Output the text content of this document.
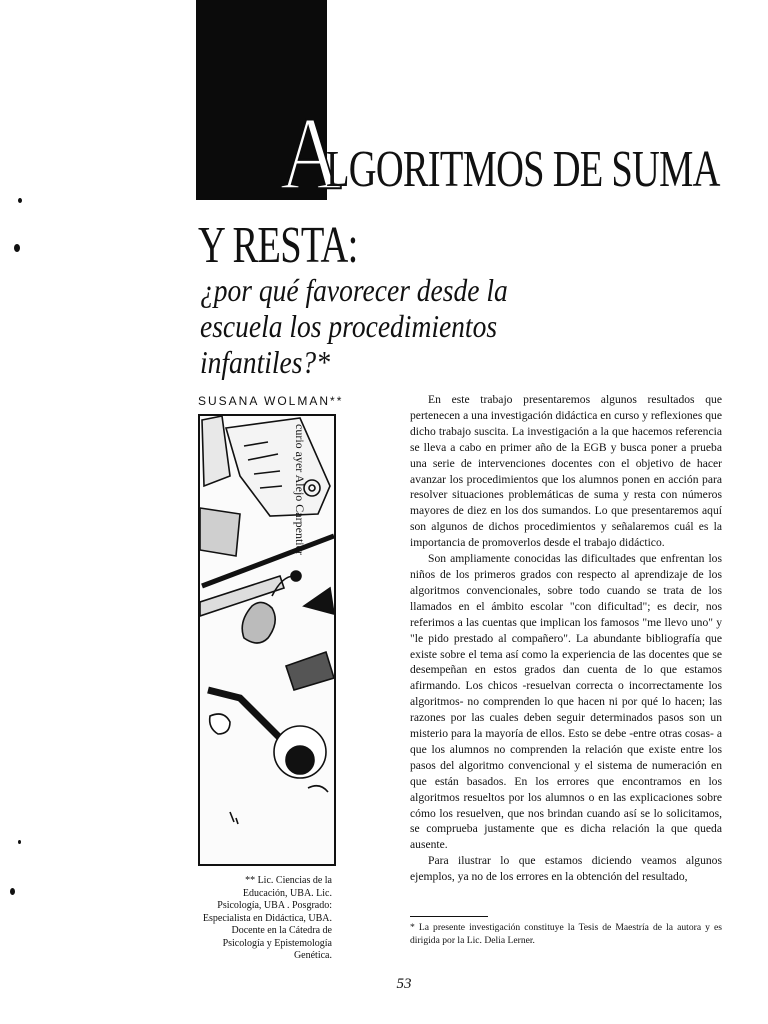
A
LGORITMOS DE SUMA
Y RESTA:
¿por qué favorecer desde la escuela los procedimientos infantiles?*
SUSANA WOLMAN**
curio ayer Alejo Carpentier
** Lic. Ciencias de la Educación, UBA. Lic. Psicología, UBA . Posgrado: Especialista en Didáctica, UBA. Docente en la Cátedra de Psicología y Epistemología Genética.

En este trabajo presentaremos algunos resultados que pertenecen a una investigación didáctica en curso y reflexiones que dicho trabajo suscita. La investigación a la que hacemos referencia se lleva a cabo en primer año de la EGB y busca poner a prueba una serie de intervenciones docentes con el objetivo de hacer avanzar los procedimientos que los alumnos ponen en acción para resolver situaciones problemáticas de suma y resta con números mayores de diez en los dos sumandos. Lo que presentaremos aquí son algunos de dichos procedimientos y señalaremos cuál es la importancia de promoverlos desde el trabajo didáctico.

Son ampliamente conocidas las dificultades que enfrentan los niños de los primeros grados con respecto al aprendizaje de los algoritmos convencionales, sobre todo cuando se trata de los llamados en el ámbito escolar "con dificultad"; es decir, nos referimos a las cuentas que implican los famosos "me llevo uno" y "le pido prestado al compañero". La abundante bibliografía que existe sobre el tema así como la experiencia de las docentes que se desempeñan en estos grados dan cuenta de lo que estamos afirmando. Los chicos -resuelvan correcta o incorrectamente los algoritmos- no comprenden lo que hacen ni por qué lo hacen; las razones por las cuales deben seguir determinados pasos son un misterio para la mayoría de ellos. Esto se debe -entre otras cosas- a que los alumnos no comprenden la relación que existe entre los pasos del algoritmo convencional y el sistema de numeración en que están basados. En los errores que encontramos en los algoritmos resueltos por los alumnos o en las explicaciones sobre cómo los resuelven, que nos brindan cuando así se lo solicitamos, se comprueba justamente que es dicha relación la que queda ausente.

Para ilustrar lo que estamos diciendo veamos algunos ejemplos, ya no de los errores en la obtención del resultado,

* La presente investigación constituye la Tesis de Maestría de la autora y es dirigida por la Lic. Delia Lerner.
53
